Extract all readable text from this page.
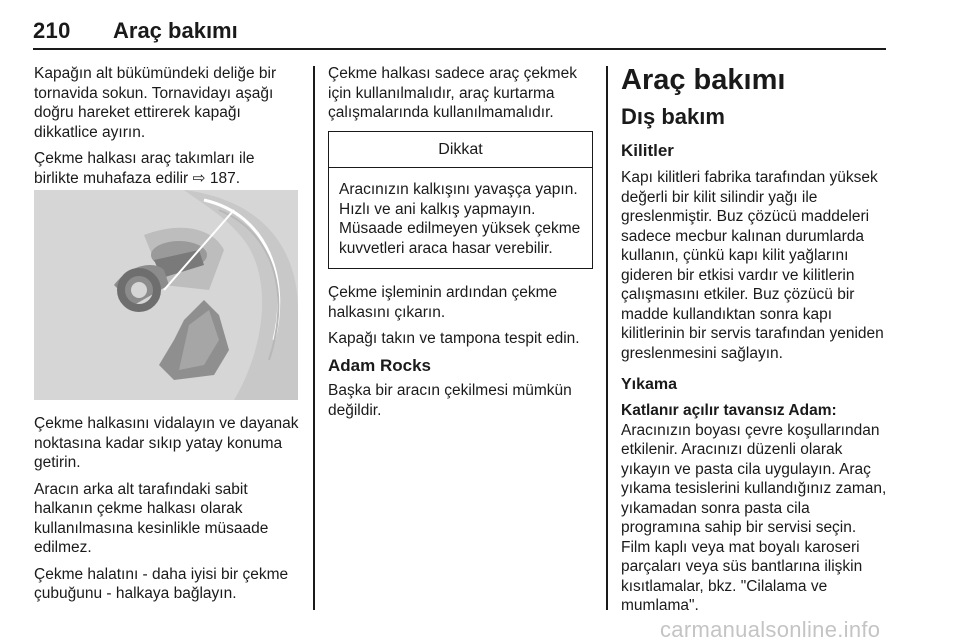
210 Araç bakımı

Kapağın alt bükümündeki deliğe bir tornavida sokun. Tornavidayı aşağı doğru hareket ettirerek kapağı dikkatlice ayırın.

Çekme halkası araç takımları ile birlikte muhafaza edilir ⇨ 187.

Çekme halkasını vidalayın ve dayanak noktasına kadar sıkıp yatay konuma getirin.

Aracın arka alt tarafındaki sabit halkanın çekme halkası olarak kullanılmasına kesinlikle müsaade edilmez.

Çekme halatını - daha iyisi bir çekme çubuğunu - halkaya bağlayın.

Çekme halkası sadece araç çekmek için kullanılmalıdır, araç kurtarma çalışmalarında kullanılmamalıdır.

Dikkat
Aracınızın kalkışını yavaşça yapın. Hızlı ve ani kalkış yapmayın. Müsaade edilmeyen yüksek çekme kuvvetleri araca hasar verebilir.

Çekme işleminin ardından çekme halkasını çıkarın.

Kapağı takın ve tampona tespit edin.

Adam Rocks

Başka bir aracın çekilmesi mümkün değildir.

Araç bakımı
Dış bakım
Kilitler

Kapı kilitleri fabrika tarafından yüksek değerli bir kilit silindir yağı ile greslenmiştir. Buz çözücü maddeleri sadece mecbur kalınan durumlarda kullanın, çünkü kapı kilit yağlarını gideren bir etkisi vardır ve kilitlerin çalışmasını etkiler. Buz çözücü bir madde kullandıktan sonra kapı kilitlerinin bir servis tarafından yeniden greslenmesini sağlayın.

Yıkama
Katlanır açılır tavansız Adam:

Aracınızın boyası çevre koşullarından etkilenir. Aracınızı düzenli olarak yıkayın ve pasta cila uygulayın. Araç yıkama tesislerini kullandığınız zaman, yıkamadan sonra pasta cila programına sahip bir servisi seçin. Film kaplı veya mat boyalı karoseri parçaları veya süs bantlarına ilişkin kısıtlamalar, bkz. "Cilalama ve mumlama".

carmanualsonline.info
